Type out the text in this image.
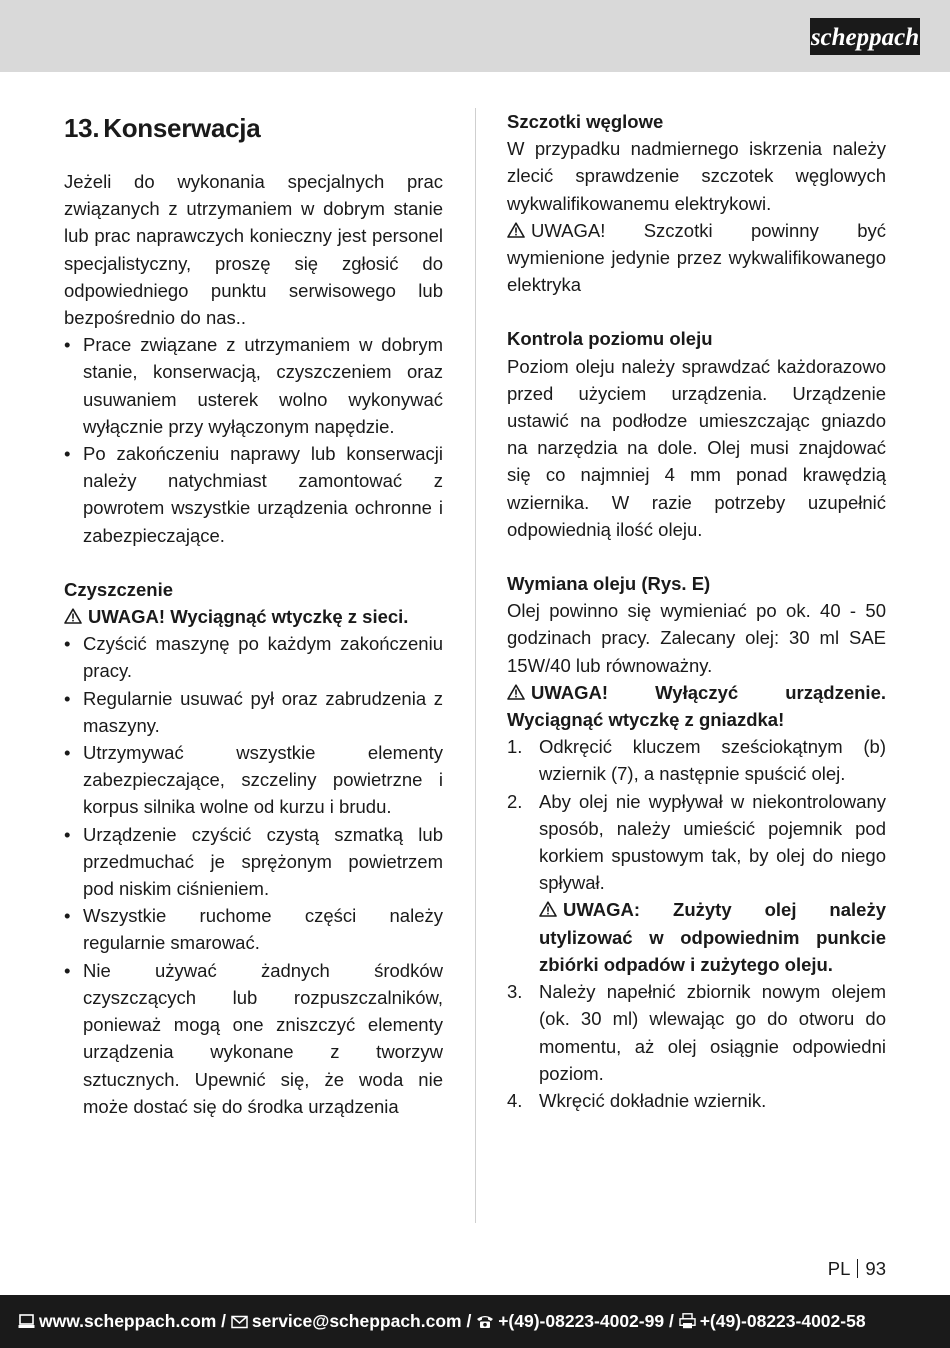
scheppach
13. Konserwacja

Jeżeli do wykonania specjalnych prac związanych z utrzymaniem w dobrym stanie lub prac naprawczych konieczny jest personel specjalistyczny, proszę się zgłosić do odpowiedniego punktu serwisowego lub bezpośrednio do nas..

• Prace związane z utrzymaniem w dobrym stanie, konserwacją, czyszczeniem oraz usuwaniem usterek wolno wykonywać wyłącznie przy wyłączonym napędzie.
• Po zakończeniu naprawy lub konserwacji należy natychmiast zamontować z powrotem wszystkie urządzenia ochronne i zabezpieczające.
Czyszczenie

UWAGA! Wyciągnąć wtyczkę z sieci.

• Czyścić maszynę po każdym zakończeniu pracy.
• Regularnie usuwać pył oraz zabrudzenia z maszyny.
• Utrzymywać wszystkie elementy zabezpieczające, szczeliny powietrzne i korpus silnika wolne od kurzu i brudu.
• Urządzenie czyścić czystą szmatką lub przedmuchać je sprężonym powietrzem pod niskim ciśnieniem.
• Wszystkie ruchome części należy regularnie smarować.
• Nie używać żadnych środków czyszczących lub rozpuszczalników, ponieważ mogą one zniszczyć elementy urządzenia wykonane z tworzyw sztucznych. Upewnić się, że woda nie może dostać się do środka urządzenia
Szczotki węglowe

W przypadku nadmiernego iskrzenia należy zlecić sprawdzenie szczotek węglowych wykwalifikowanemu elektrykowi.

UWAGA! Szczotki powinny być wymienione jedynie przez wykwalifikowanego elektryka

Kontrola poziomu oleju

Poziom oleju należy sprawdzać każdorazowo przed użyciem urządzenia. Urządzenie ustawić na podłodze umieszczając gniazdo na narzędzia na dole. Olej musi znajdować się co najmniej 4 mm ponad krawędzią wziernika. W razie potrzeby uzupełnić odpowiednią ilość oleju.

Wymiana oleju (Rys. E)

Olej powinno się wymieniać po ok. 40 - 50 godzinach pracy. Zalecany olej: 30 ml SAE 15W/40 lub równoważny.

UWAGA! Wyłączyć urządzenie. Wyciągnąć wtyczkę z gniazdka!

1. Odkręcić kluczem sześciokątnym (b) wziernik (7), a następnie spuścić olej.
2. Aby olej nie wypływał w niekontrolowany sposób, należy umieścić pojemnik pod korkiem spustowym tak, by olej do niego spływał.
UWAGA: Zużyty olej należy utylizować w odpowiednim punkcie zbiórki odpadów i zużytego oleju.
3. Należy napełnić zbiornik nowym olejem (ok. 30 ml) wlewając go do otworu do momentu, aż olej osiągnie odpowiedni poziom.
4. Wkręcić dokładnie wziernik.
PL 93
www.scheppach.com / service@scheppach.com / +(49)-08223-4002-99 / +(49)-08223-4002-58
